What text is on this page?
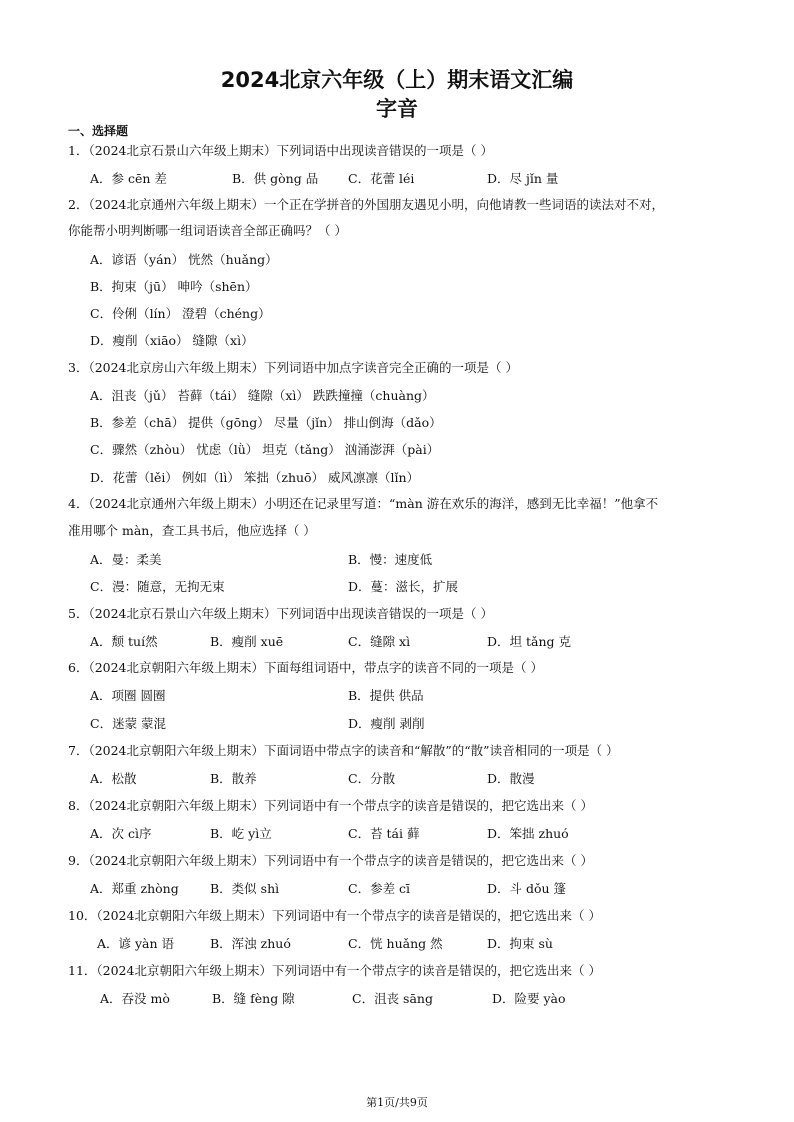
2024北京六年级（上）期末语文汇编
字音
一、选择题
1．（2024北京石景山六年级上期末）下列词语中出现读音错误的一项是（ ）
A．参 cēn 差	B．供 gòng 品 C．花蕾 léi	D．尽 jǐn 量
2．（2024北京通州六年级上期末）一个正在学拼音的外国朋友遇见小明，向他请教一些词语的读法对不对，
你能帮小明判断哪一组词语读音全部正确吗？（ ）
A．谚语（yán） 恍然（huǎng）
B．拘束（jū） 呻吟（shēn）
C．伶俐（lín） 澄碧（chéng）
D．瘦削（xiāo） 缝隙（xì）
3．（2024北京房山六年级上期末）下列词语中加点字读音完全正确的一项是（ ）
A．沮丧（jǔ） 苔藓（tái） 缝隙（xì） 跌跌撞撞（chuàng）
B．参差（chā） 提供（gōng） 尽量（jǐn） 排山倒海（dǎo）
C．骤然（zhòu） 忧虑（lǜ） 坦克（tǎng） 汹涌澎湃（pài）
D．花蕾（lěi） 例如（lì） 笨拙（zhuō） 威风凛凛（lǐn）
4．（2024北京通州六年级上期末）小明还在记录里写道：“màn 游在欢乐的海洋，感到无比幸福！”他拿不
准用哪个 màn，查工具书后，他应选择（ ）
A．曼：柔美	B．慢：速度低
C．漫：随意，无拘无束	D．蔓：滋长，扩展
5．（2024北京石景山六年级上期末）下列词语中出现读音错误的一项是（ ）
A．颓 tuí然	B．瘦削 xuē	C．缝隙 xì	D．坦 tǎng 克
6．（2024北京朝阳六年级上期末）下面每组词语中，带点字的读音不同的一项是（ ）
A．项圈 圆圈	B．提供 供品
C．迷蒙 蒙混	D．瘦削 剥削
7．（2024北京朝阳六年级上期末）下面词语中带点字的读音和“解散”的“散”读音相同的一项是（ ）
A．松散	B．散养	C．分散	D．散漫
8．（2024北京朝阳六年级上期末）下列词语中有一个带点字的读音是错误的，把它选出来（ ）
A．次 cì序	B．屹 yì立	C．苔 tái 藓	D．笨拙 zhuó
9．（2024北京朝阳六年级上期末）下列词语中有一个带点字的读音是错误的，把它选出来（ ）
A．郑重 zhòng	B．类似 shì	C．参差 cī	D．斗 dǒu 篷
10．（2024北京朝阳六年级上期末）下列词语中有一个带点字的读音是错误的，把它选出来（ ）
A．谚 yàn 语	B．浑浊 zhuó	C．恍 huǎng 然	D．拘束 sù
11．（2024北京朝阳六年级上期末）下列词语中有一个带点字的读音是错误的，把它选出来（ ）
A．吞没 mò	B．缝 fèng 隙	C．沮丧 sāng	D．险要 yào
第1页/共9页
